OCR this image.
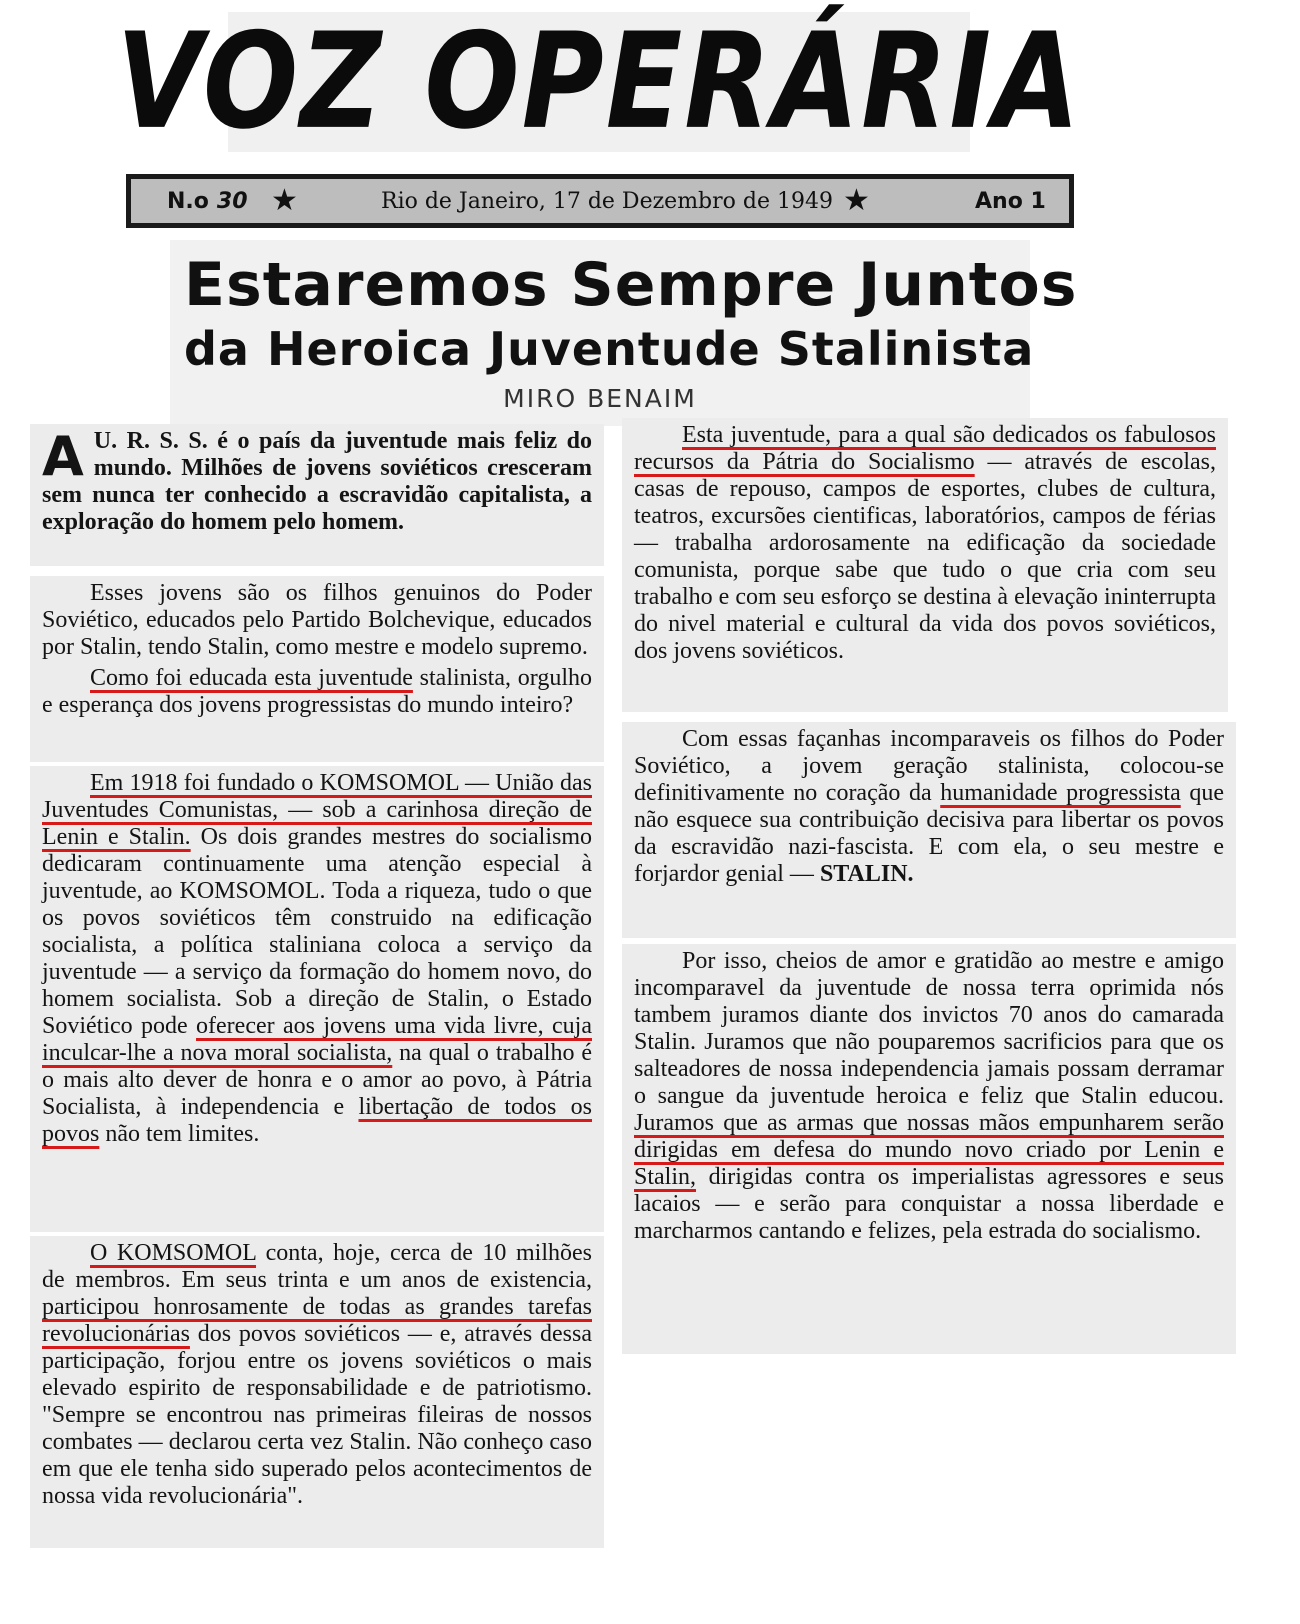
VOZ OPERÁRIA
N.o 30 ★	Rio de Janeiro, 17 de Dezembro de 1949 ★	Ano 1
Estaremos Sempre Juntos
da Heroica Juventude Stalinista
MIRO BENAIM

A U. R. S. S. é o país da juventude mais feliz do mundo. Milhões de jovens soviéticos cresceram sem nunca ter conhecido a escravidão capitalista, a exploração do homem pelo homem.

Esses jovens são os filhos genuinos do Poder Soviético, educados pelo Partido Bolchevique, educados por Stalin, tendo Stalin, como mestre e modelo supremo.

Como foi educada esta juventude stalinista, orgulho e esperança dos jovens progressistas do mundo inteiro?

Em 1918 foi fundado o KOMSOMOL — União das Juventudes Comunistas, — sob a carinhosa direção de Lenin e Stalin. Os dois grandes mestres do socialismo dedicaram continuamente uma atenção especial à juventude, ao KOMSOMOL. Toda a riqueza, tudo o que os povos soviéticos têm construido na edificação socialista, a política staliniana coloca a serviço da juventude — a serviço da formação do homem novo, do homem socialista. Sob a direção de Stalin, o Estado Soviético pode oferecer aos jovens uma vida livre, cuja inculcar-lhe a nova moral socialista, na qual o trabalho é o mais alto dever de honra e o amor ao povo, à Pátria Socialista, à independencia e libertação de todos os povos não tem limites.

O KOMSOMOL conta, hoje, cerca de 10 milhões de membros. Em seus trinta e um anos de existencia, participou honrosamente de todas as grandes tarefas revolucionárias dos povos soviéticos — e, através dessa participação, forjou entre os jovens soviéticos o mais elevado espirito de responsabilidade e de patriotismo. "Sempre se encontrou nas primeiras fileiras de nossos combates — declarou certa vez Stalin. Não conheço caso em que ele tenha sido superado pelos acontecimentos de nossa vida revolucionária".

Esta juventude, para a qual são dedicados os fabulosos recursos da Pátria do Socialismo — através de escolas, casas de repouso, campos de esportes, clubes de cultura, teatros, excursões cientificas, laboratórios, campos de férias — trabalha ardorosamente na edificação da sociedade comunista, porque sabe que tudo o que cria com seu trabalho e com seu esforço se destina à elevação ininterrupta do nivel material e cultural da vida dos povos soviéticos, dos jovens soviéticos.

Com essas façanhas incomparaveis os filhos do Poder Soviético, a jovem geração stalinista, colocou-se definitivamente no coração da humanidade progressista que não esquece sua contribuição decisiva para libertar os povos da escravidão nazi-fascista. E com ela, o seu mestre e forjardor genial — STALIN.

Por isso, cheios de amor e gratidão ao mestre e amigo incomparavel da juventude de nossa terra oprimida nós tambem juramos diante dos invictos 70 anos do camarada Stalin. Juramos que não pouparemos sacrificios para que os salteadores de nossa independencia jamais possam derramar o sangue da juventude heroica e feliz que Stalin educou. Juramos que as armas que nossas mãos empunharem serão dirigidas em defesa do mundo novo criado por Lenin e Stalin, dirigidas contra os imperialistas agressores e seus lacaios — e serão para conquistar a nossa liberdade e marcharmos cantando e felizes, pela estrada do socialismo.
